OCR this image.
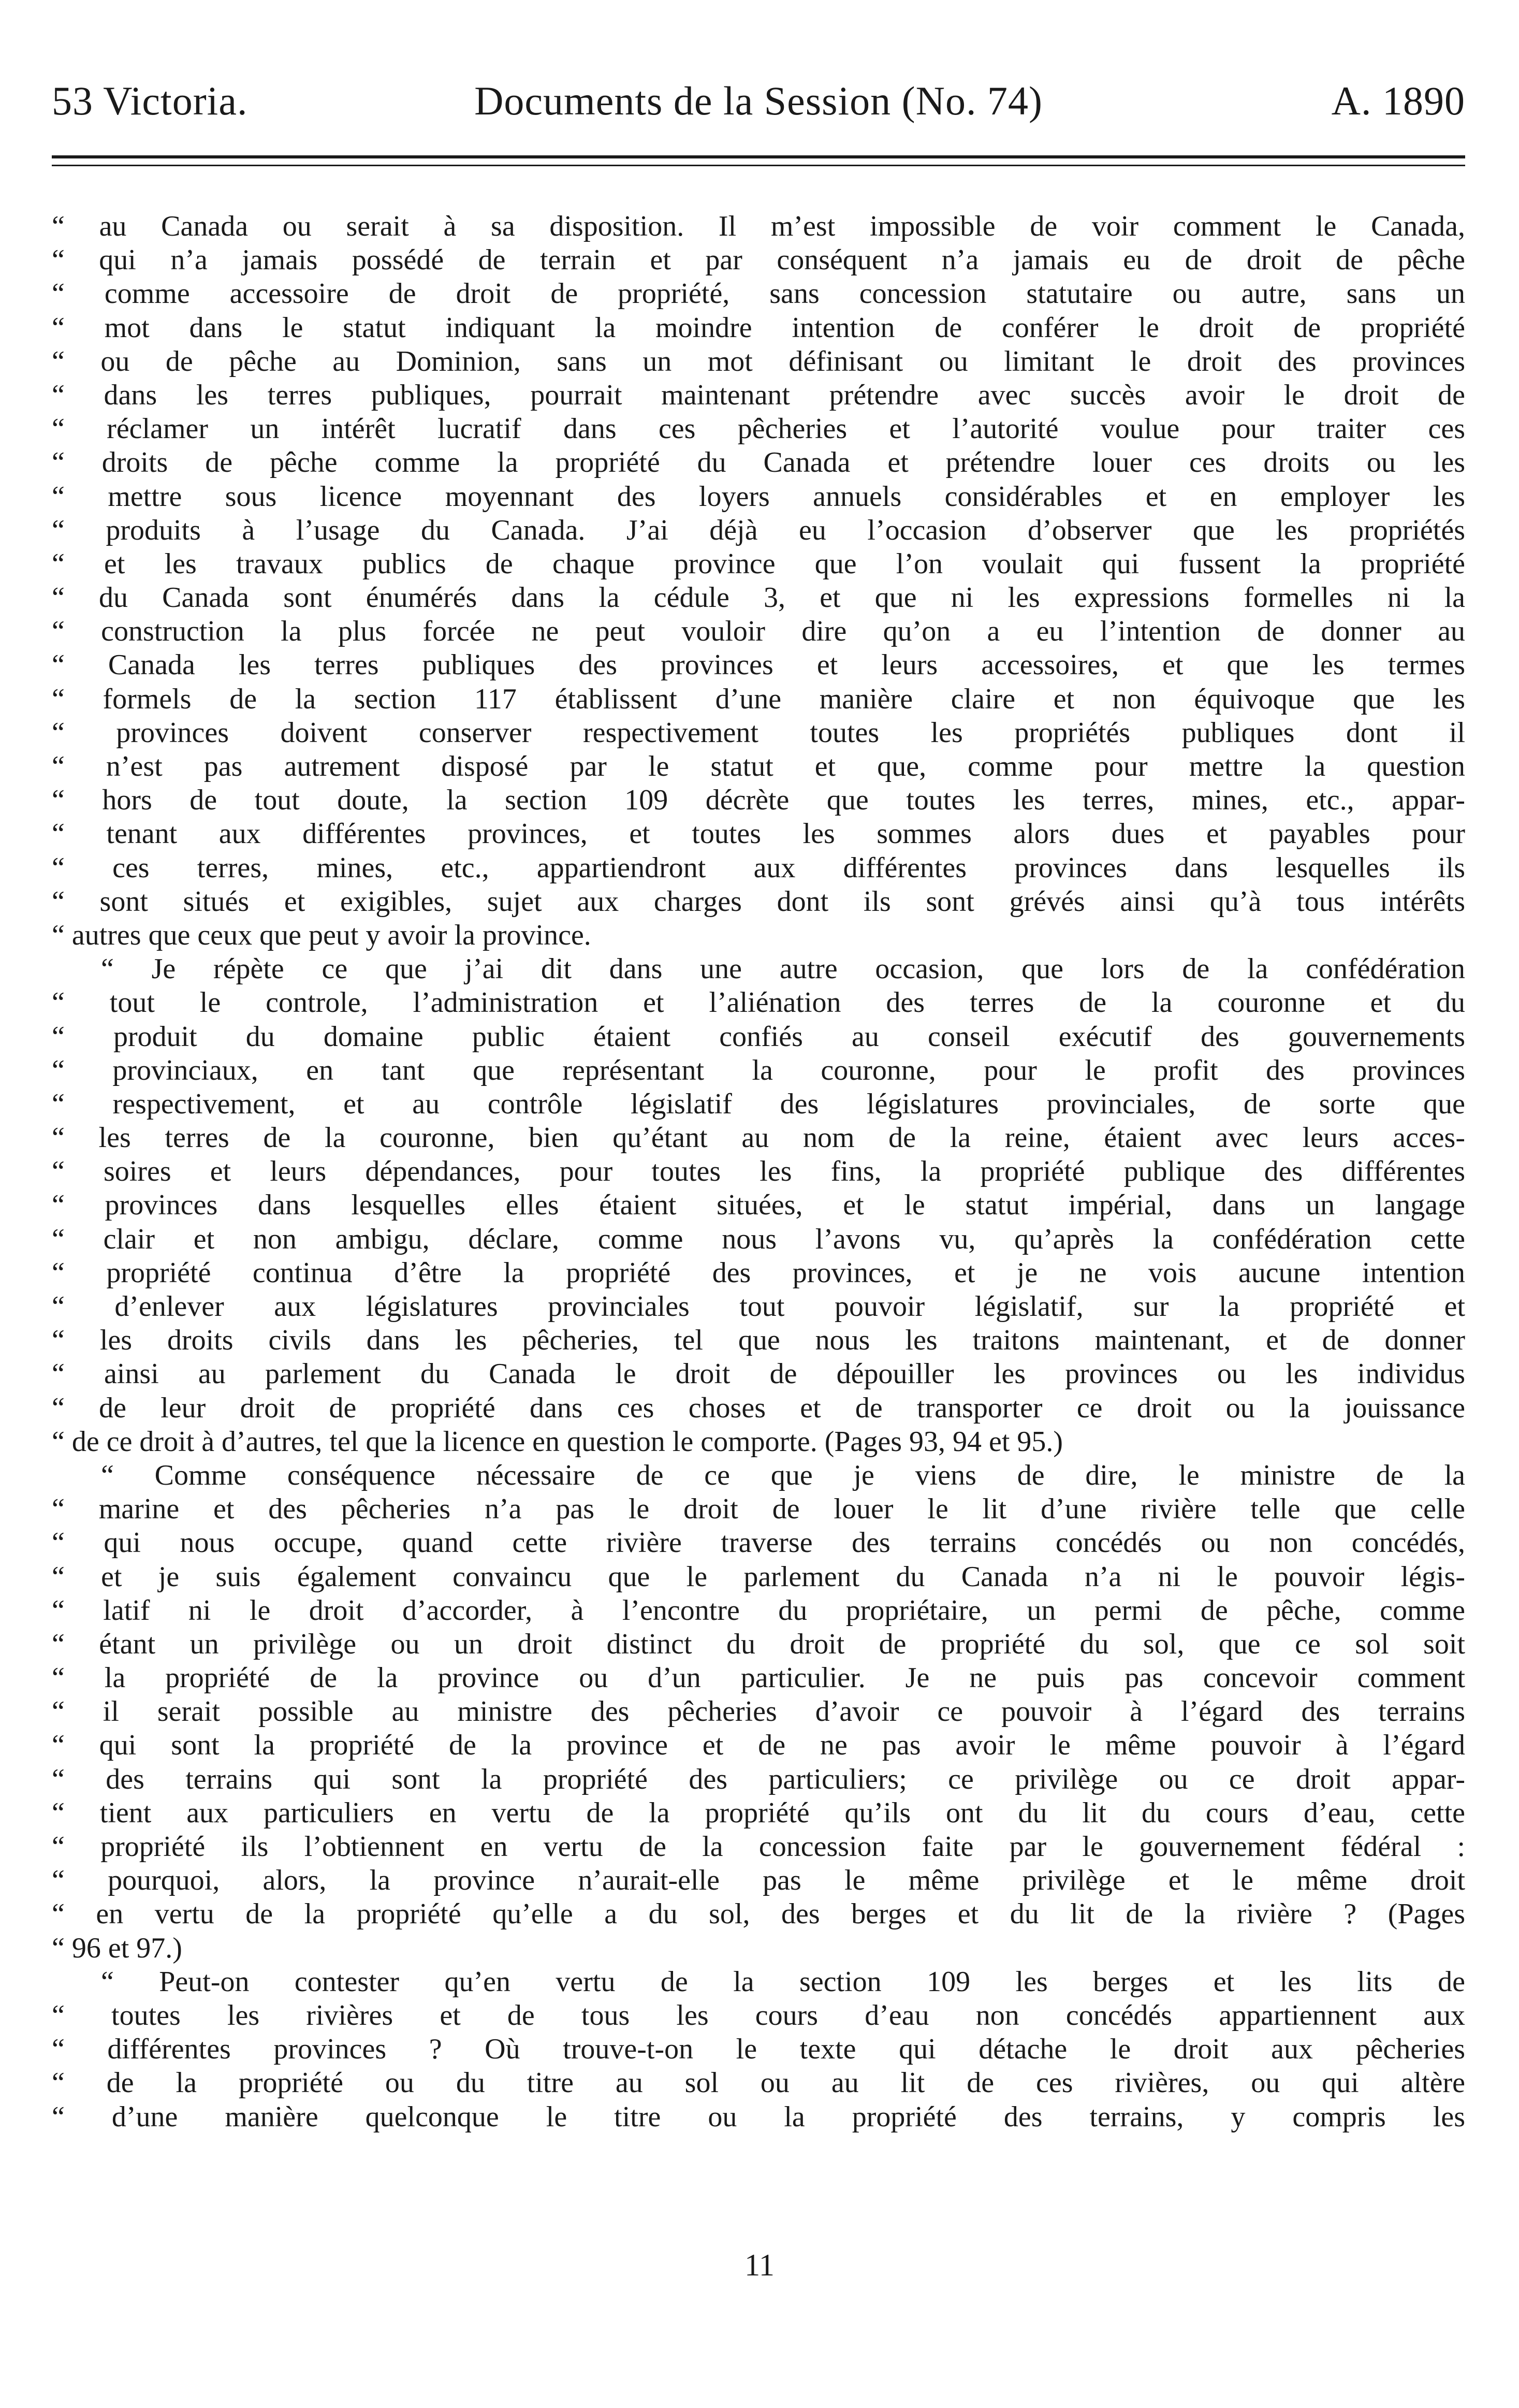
53 Victoria.	Documents de la Session (No. 74)	A. 1890
“ au Canada ou serait à sa disposition. Il m’est impossible de voir comment le Canada,
“ qui n’a jamais possédé de terrain et par conséquent n’a jamais eu de droit de pêche
“ comme accessoire de droit de propriété, sans concession statutaire ou autre, sans un
“ mot dans le statut indiquant la moindre intention de conférer le droit de propriété
“ ou de pêche au Dominion, sans un mot définisant ou limitant le droit des provinces
“ dans les terres publiques, pourrait maintenant prétendre avec succès avoir le droit de
“ réclamer un intérêt lucratif dans ces pêcheries et l’autorité voulue pour traiter ces
“ droits de pêche comme la propriété du Canada et prétendre louer ces droits ou les
“ mettre sous licence moyennant des loyers annuels considérables et en employer les
“ produits à l’usage du Canada. J’ai déjà eu l’occasion d’observer que les propriétés
“ et les travaux publics de chaque province que l’on voulait qui fussent la propriété
“ du Canada sont énumérés dans la cédule 3, et que ni les expressions formelles ni la
“ construction la plus forcée ne peut vouloir dire qu’on a eu l’intention de donner au
“ Canada les terres publiques des provinces et leurs accessoires, et que les termes
“ formels de la section 117 établissent d’une manière claire et non équivoque que les
“ provinces doivent conserver respectivement toutes les propriétés publiques dont il
“ n’est pas autrement disposé par le statut et que, comme pour mettre la question
“ hors de tout doute, la section 109 décrète que toutes les terres, mines, etc., appar-
“ tenant aux différentes provinces, et toutes les sommes alors dues et payables pour
“ ces terres, mines, etc., appartiendront aux différentes provinces dans lesquelles ils
“ sont situés et exigibles, sujet aux charges dont ils sont grévés ainsi qu’à tous intérêts
“ autres que ceux que peut y avoir la province.
“ Je répète ce que j’ai dit dans une autre occasion, que lors de la confédération
“ tout le controle, l’administration et l’aliénation des terres de la couronne et du
“ produit du domaine public étaient confiés au conseil exécutif des gouvernements
“ provinciaux, en tant que représentant la couronne, pour le profit des provinces
“ respectivement, et au contrôle législatif des législatures provinciales, de sorte que
“ les terres de la couronne, bien qu’étant au nom de la reine, étaient avec leurs acces-
“ soires et leurs dépendances, pour toutes les fins, la propriété publique des différentes
“ provinces dans lesquelles elles étaient situées, et le statut impérial, dans un langage
“ clair et non ambigu, déclare, comme nous l’avons vu, qu’après la confédération cette
“ propriété continua d’être la propriété des provinces, et je ne vois aucune intention
“ d’enlever aux législatures provinciales tout pouvoir législatif, sur la propriété et
“ les droits civils dans les pêcheries, tel que nous les traitons maintenant, et de donner
“ ainsi au parlement du Canada le droit de dépouiller les provinces ou les individus
“ de leur droit de propriété dans ces choses et de transporter ce droit ou la jouissance
“ de ce droit à d’autres, tel que la licence en question le comporte. (Pages 93, 94 et 95.)
“ Comme conséquence nécessaire de ce que je viens de dire, le ministre de la
“ marine et des pêcheries n’a pas le droit de louer le lit d’une rivière telle que celle
“ qui nous occupe, quand cette rivière traverse des terrains concédés ou non concédés,
“ et je suis également convaincu que le parlement du Canada n’a ni le pouvoir légis-
“ latif ni le droit d’accorder, à l’encontre du propriétaire, un permi de pêche, comme
“ étant un privilège ou un droit distinct du droit de propriété du sol, que ce sol soit
“ la propriété de la province ou d’un particulier. Je ne puis pas concevoir comment
“ il serait possible au ministre des pêcheries d’avoir ce pouvoir à l’égard des terrains
“ qui sont la propriété de la province et de ne pas avoir le même pouvoir à l’égard
“ des terrains qui sont la propriété des particuliers; ce privilège ou ce droit appar-
“ tient aux particuliers en vertu de la propriété qu’ils ont du lit du cours d’eau, cette
“ propriété ils l’obtiennent en vertu de la concession faite par le gouvernement fédéral :
“ pourquoi, alors, la province n’aurait-elle pas le même privilège et le même droit
“ en vertu de la propriété qu’elle a du sol, des berges et du lit de la rivière ? (Pages
“ 96 et 97.)
“ Peut-on contester qu’en vertu de la section 109 les berges et les lits de
“ toutes les rivières et de tous les cours d’eau non concédés appartiennent aux
“ différentes provinces ? Où trouve-t-on le texte qui détache le droit aux pêcheries
“ de la propriété ou du titre au sol ou au lit de ces rivières, ou qui altère
“ d’une manière quelconque le titre ou la propriété des terrains, y compris les
11
